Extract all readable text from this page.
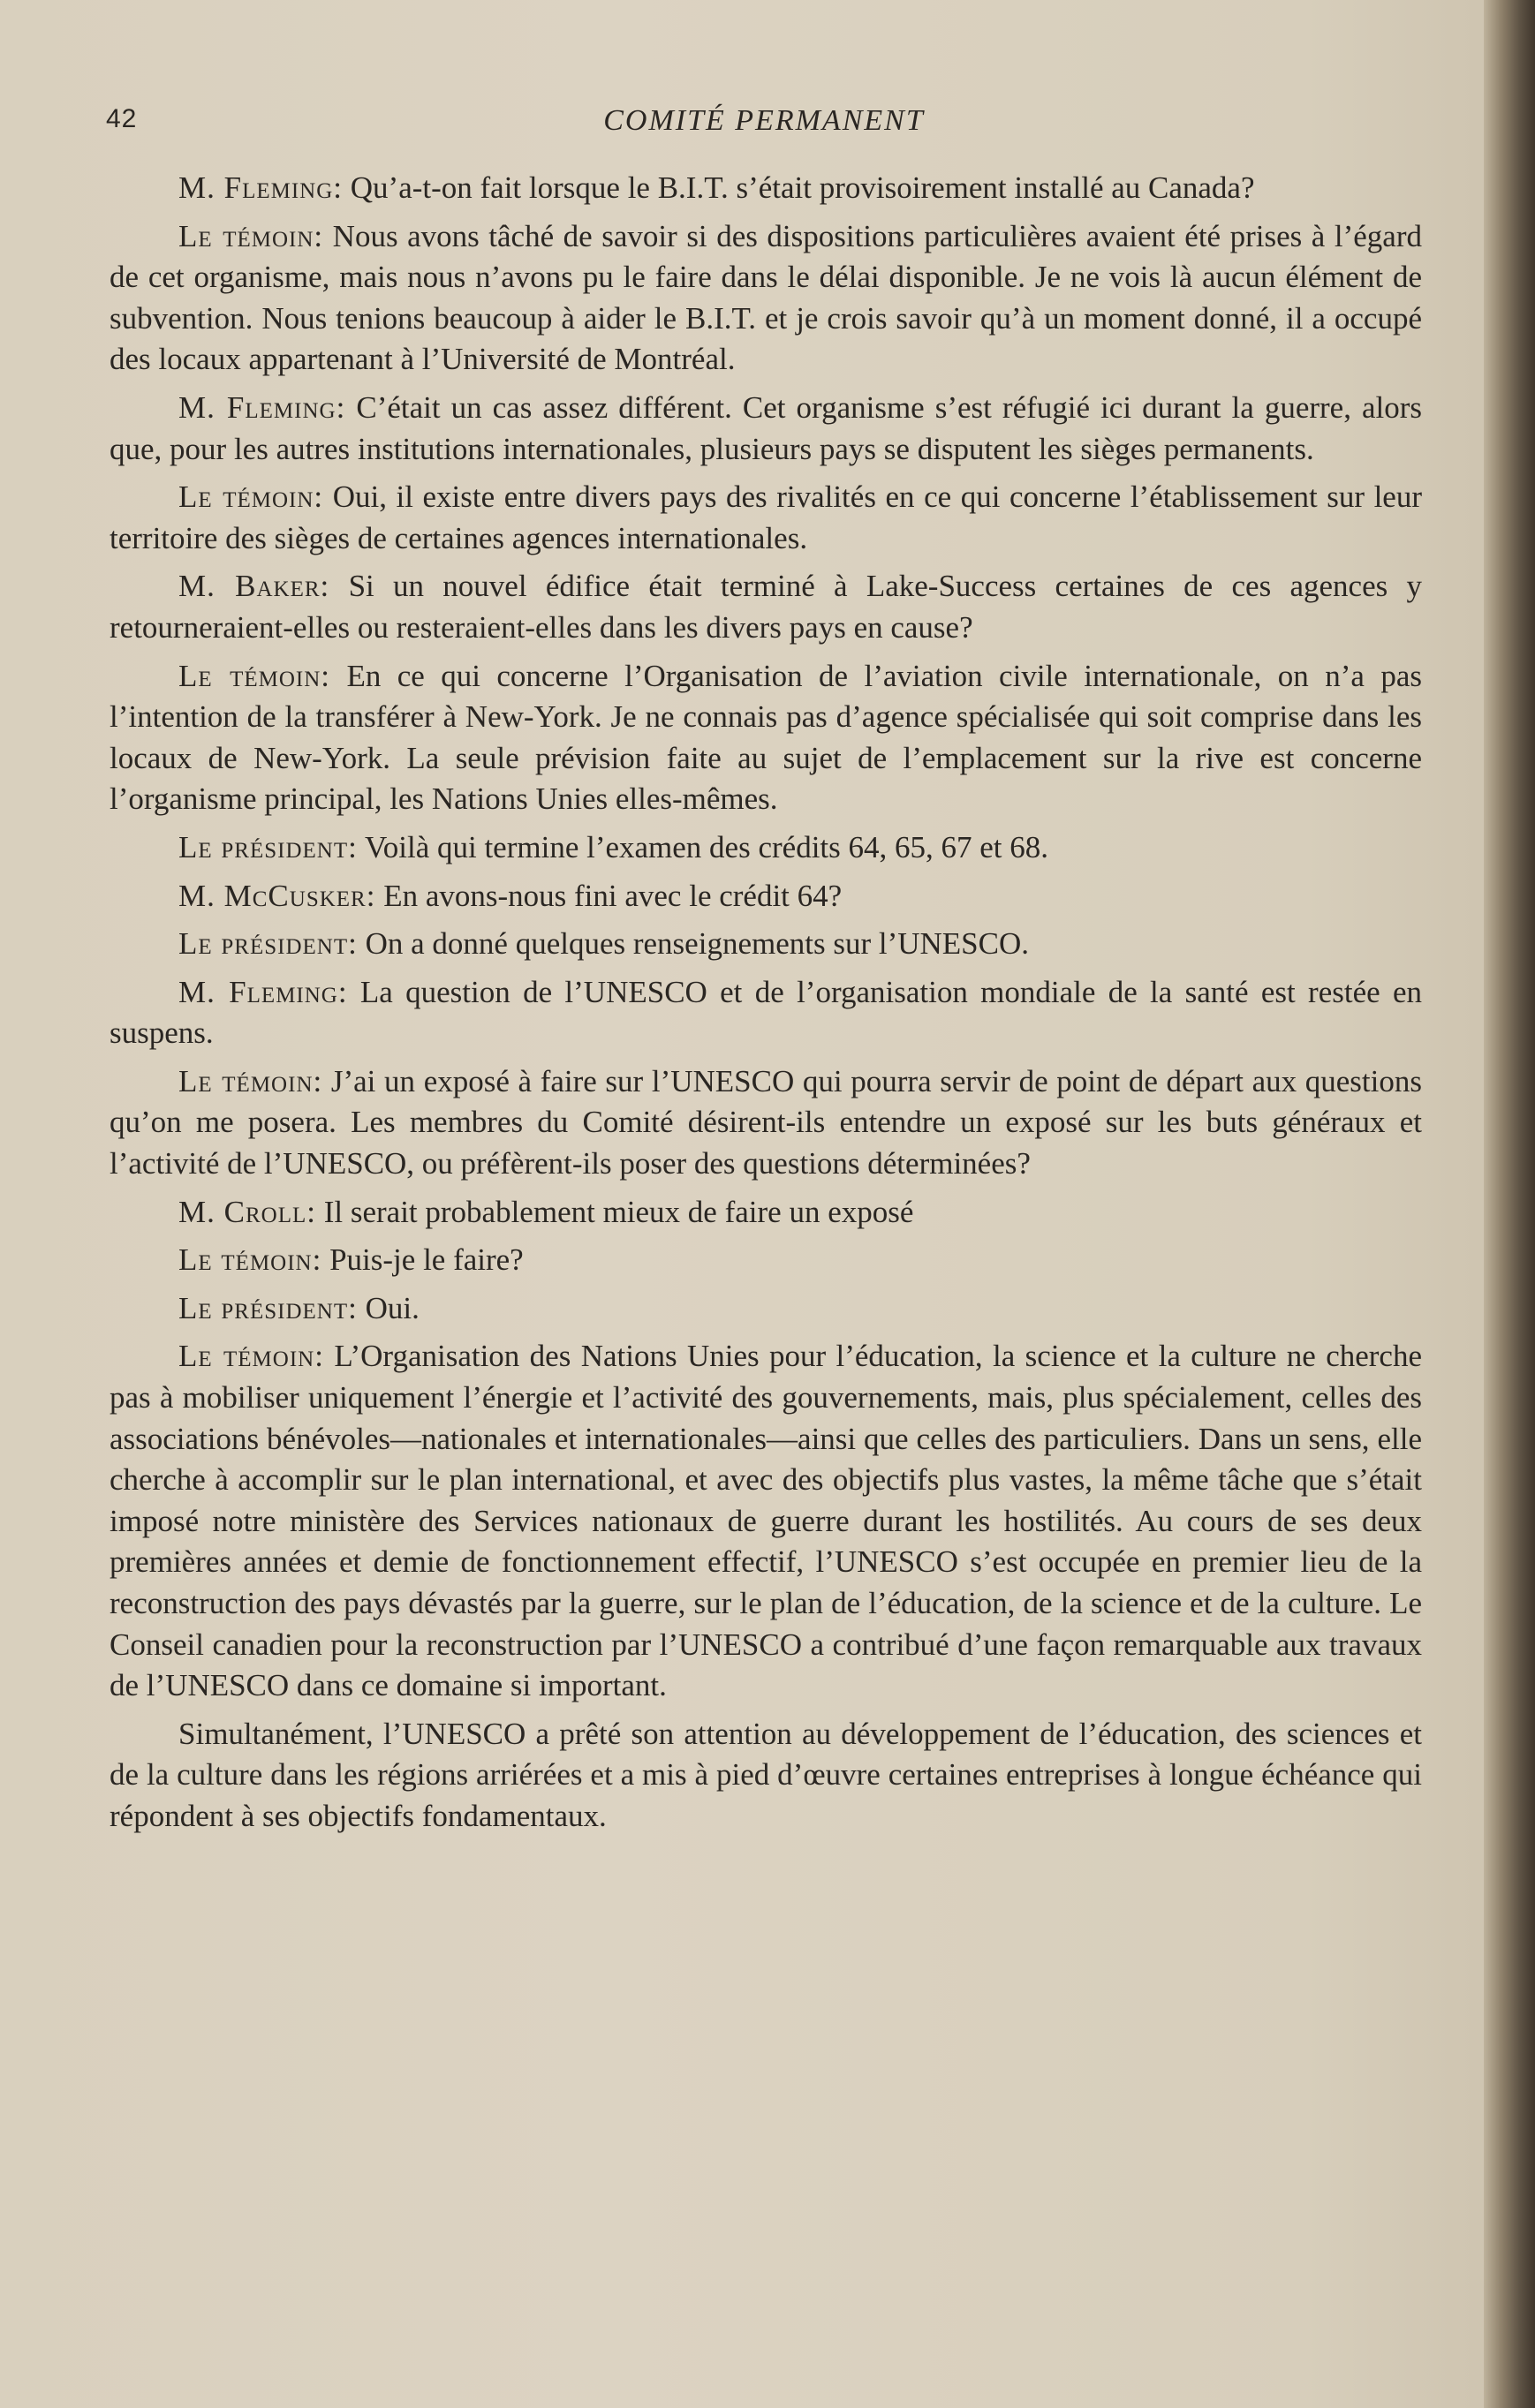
42	COMITÉ PERMANENT

M. Fleming: Qu’a-t-on fait lorsque le B.I.T. s’était provisoirement installé au Canada?

Le témoin: Nous avons tâché de savoir si des dispositions particulières avaient été prises à l’égard de cet organisme, mais nous n’avons pu le faire dans le délai disponible. Je ne vois là aucun élément de subvention. Nous tenions beaucoup à aider le B.I.T. et je crois savoir qu’à un moment donné, il a occupé des locaux appartenant à l’Université de Montréal.

M. Fleming: C’était un cas assez différent. Cet organisme s’est réfugié ici durant la guerre, alors que, pour les autres institutions internationales, plusieurs pays se disputent les sièges permanents.

Le témoin: Oui, il existe entre divers pays des rivalités en ce qui concerne l’établissement sur leur territoire des sièges de certaines agences internationales.

M. Baker: Si un nouvel édifice était terminé à Lake-Success certaines de ces agences y retourneraient-elles ou resteraient-elles dans les divers pays en cause?

Le témoin: En ce qui concerne l’Organisation de l’aviation civile internationale, on n’a pas l’intention de la transférer à New-York. Je ne connais pas d’agence spécialisée qui soit comprise dans les locaux de New-York. La seule prévision faite au sujet de l’emplacement sur la rive est concerne l’organisme principal, les Nations Unies elles-mêmes.

Le président: Voilà qui termine l’examen des crédits 64, 65, 67 et 68.

M. McCusker: En avons-nous fini avec le crédit 64?

Le président: On a donné quelques renseignements sur l’UNESCO.

M. Fleming: La question de l’UNESCO et de l’organisation mondiale de la santé est restée en suspens.

Le témoin: J’ai un exposé à faire sur l’UNESCO qui pourra servir de point de départ aux questions qu’on me posera. Les membres du Comité désirent-ils entendre un exposé sur les buts généraux et l’activité de l’UNESCO, ou préfèrent-ils poser des questions déterminées?

M. Croll: Il serait probablement mieux de faire un exposé

Le témoin: Puis-je le faire?

Le président: Oui.

Le témoin: L’Organisation des Nations Unies pour l’éducation, la science et la culture ne cherche pas à mobiliser uniquement l’énergie et l’activité des gouvernements, mais, plus spécialement, celles des associations bénévoles—nationales et internationales—ainsi que celles des particuliers. Dans un sens, elle cherche à accomplir sur le plan international, et avec des objectifs plus vastes, la même tâche que s’était imposé notre ministère des Services nationaux de guerre durant les hostilités. Au cours de ses deux premières années et demie de fonctionnement effectif, l’UNESCO s’est occupée en premier lieu de la reconstruction des pays dévastés par la guerre, sur le plan de l’éducation, de la science et de la culture. Le Conseil canadien pour la reconstruction par l’UNESCO a contribué d’une façon remarquable aux travaux de l’UNESCO dans ce domaine si important.

Simultanément, l’UNESCO a prêté son attention au développement de l’éducation, des sciences et de la culture dans les régions arriérées et a mis à pied d’œuvre certaines entreprises à longue échéance qui répondent à ses objectifs fondamentaux.
